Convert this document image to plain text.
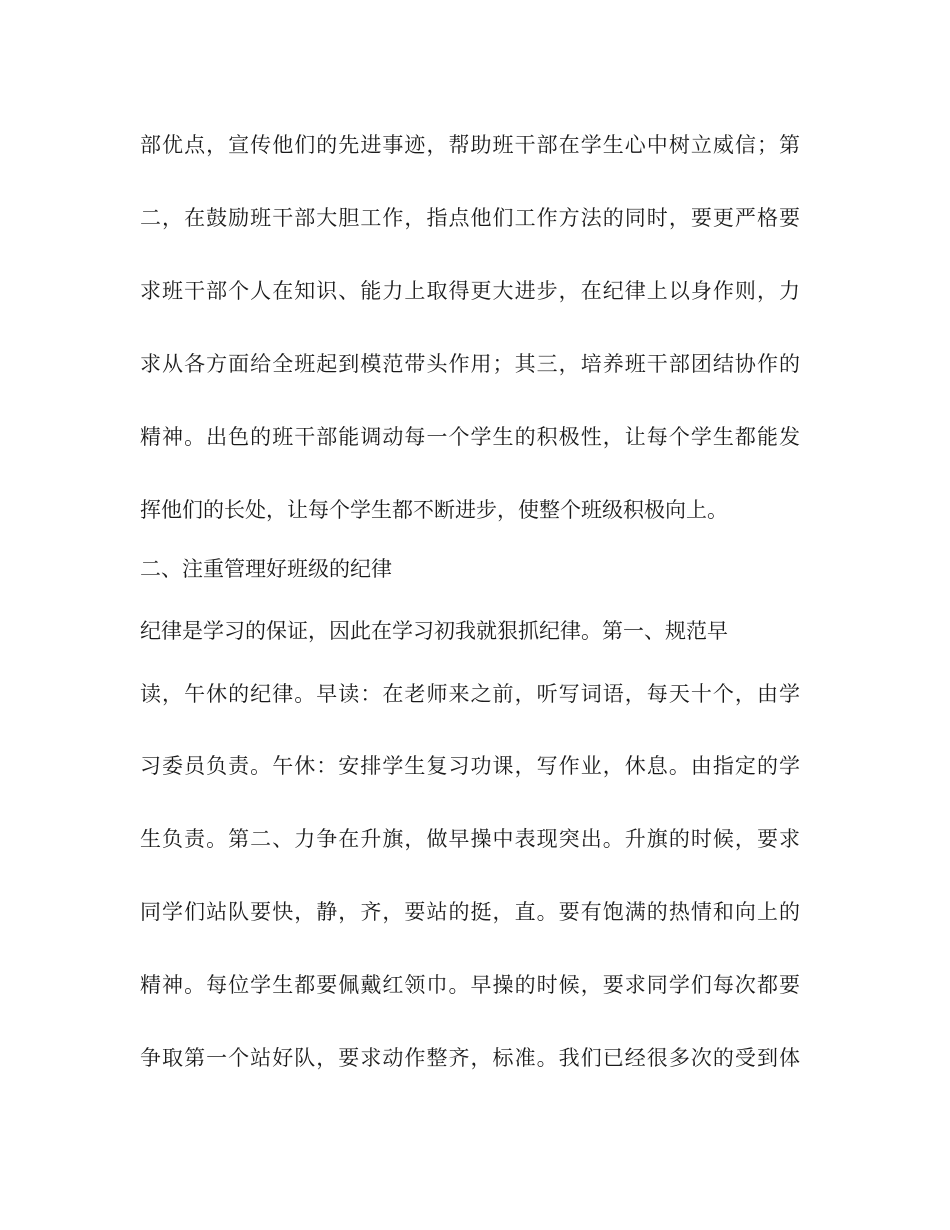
部优点，宣传他们的先进事迹，帮助班干部在学生心中树立威信；第
二，在鼓励班干部大胆工作，指点他们工作方法的同时，要更严格要
求班干部个人在知识、能力上取得更大进步，在纪律上以身作则，力
求从各方面给全班起到模范带头作用；其三，培养班干部团结协作的
精神。出色的班干部能调动每一个学生的积极性，让每个学生都能发
挥他们的长处，让每个学生都不断进步，使整个班级积极向上。
二、注重管理好班级的纪律
纪律是学习的保证，因此在学习初我就狠抓纪律。第一、规范早
读，午休的纪律。早读：在老师来之前，听写词语，每天十个，由学
习委员负责。午休：安排学生复习功课，写作业，休息。由指定的学
生负责。第二、力争在升旗，做早操中表现突出。升旗的时候，要求
同学们站队要快，静，齐，要站的挺，直。要有饱满的热情和向上的
精神。每位学生都要佩戴红领巾。早操的时候，要求同学们每次都要
争取第一个站好队，要求动作整齐，标准。我们已经很多次的受到体
